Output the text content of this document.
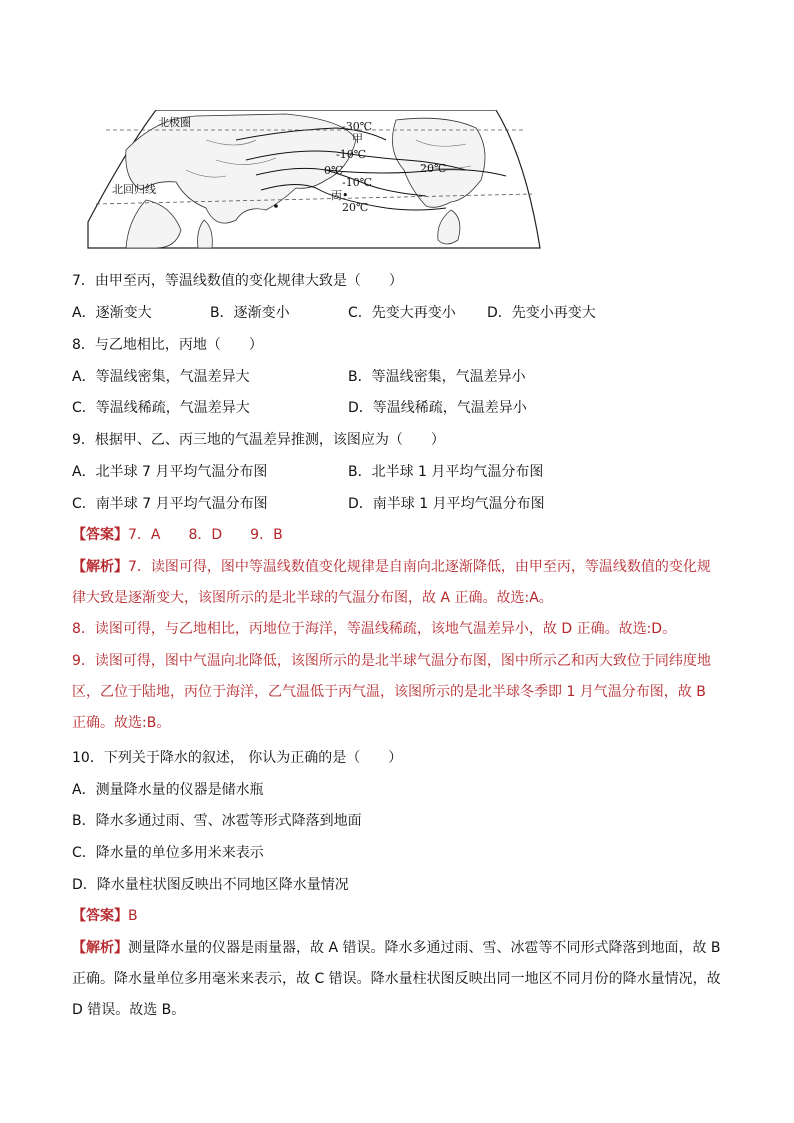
北极圈
北回归线
-30℃
甲
-10℃
0℃
-10℃
20℃
20℃
丙•
7．由甲至丙，等温线数值的变化规律大致是（　　）
A．逐渐变大	B．逐渐变小	C．先变大再变小 D．先变小再变大
8．与乙地相比，丙地（　　）
A．等温线密集，气温差异大	B．等温线密集，气温差异小
C．等温线稀疏，气温差异大	D．等温线稀疏，气温差异小
9．根据甲、乙、丙三地的气温差异推测，该图应为（　　）
A．北半球 7 月平均气温分布图	B．北半球 1 月平均气温分布图
C．南半球 7 月平均气温分布图	D．南半球 1 月平均气温分布图
【答案】7．A　　8．D　　9．B
【解析】7．读图可得，图中等温线数值变化规律是自南向北逐渐降低，由甲至丙，等温线数值的变化规律大致是逐渐变大，该图所示的是北半球的气温分布图，故 A 正确。故选:A。
8．读图可得，与乙地相比，丙地位于海洋，等温线稀疏，该地气温差异小，故 D 正确。故选:D。
9．读图可得，图中气温向北降低，该图所示的是北半球气温分布图，图中所示乙和丙大致位于同纬度地区，乙位于陆地，丙位于海洋，乙气温低于丙气温，该图所示的是北半球冬季即 1 月气温分布图，故 B 正确。故选:B。
10．下列关于降水的叙述， 你认为正确的是（　　）
A．测量降水量的仪器是储水瓶
B．降水多通过雨、雪、冰雹等形式降落到地面
C．降水量的单位多用米来表示
D．降水量柱状图反映出不同地区降水量情况
【答案】B
【解析】测量降水量的仪器是雨量器，故 A 错误。降水多通过雨、雪、冰雹等不同形式降落到地面，故 B 正确。降水量单位多用毫米来表示，故 C 错误。降水量柱状图反映出同一地区不同月份的降水量情况，故 D 错误。故选 B。
